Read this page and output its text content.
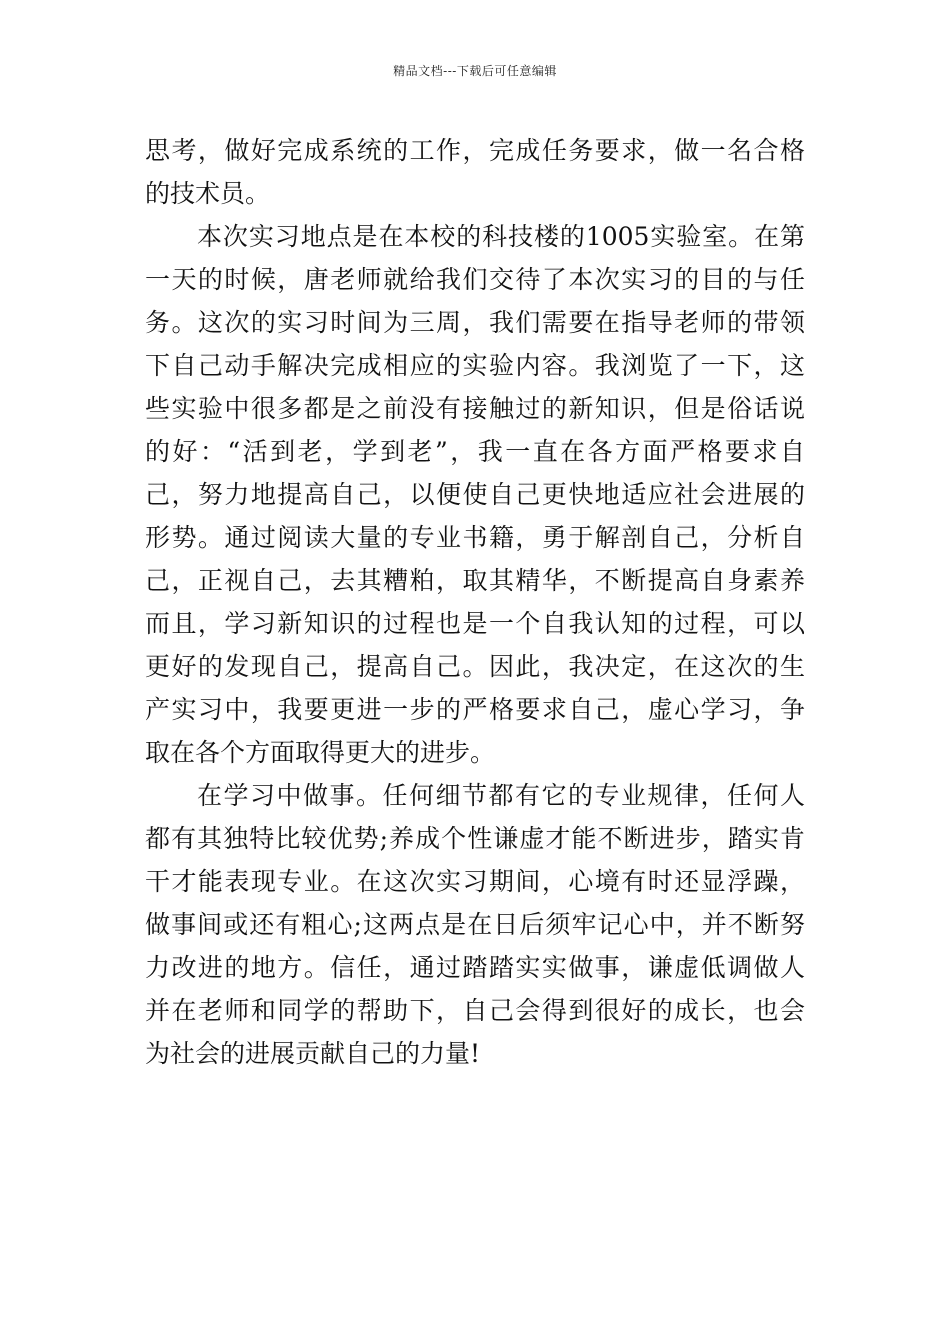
精品文档---下载后可任意编辑
思考，做好完成系统的工作，完成任务要求，做一名合格
的技术员。
本次实习地点是在本校的科技楼的1005实验室。在第
一天的时候，唐老师就给我们交待了本次实习的目的与任
务。这次的实习时间为三周，我们需要在指导老师的带领
下自己动手解决完成相应的实验内容。我浏览了一下，这
些实验中很多都是之前没有接触过的新知识，但是俗话说
的好：“活到老，学到老”，我一直在各方面严格要求自
己，努力地提高自己，以便使自己更快地适应社会进展的
形势。通过阅读大量的专业书籍，勇于解剖自己，分析自
己，正视自己，去其糟粕，取其精华，不断提高自身素养
而且，学习新知识的过程也是一个自我认知的过程，可以
更好的发现自己，提高自己。因此，我决定，在这次的生
产实习中，我要更进一步的严格要求自己，虚心学习，争
取在各个方面取得更大的进步。
在学习中做事。任何细节都有它的专业规律，任何人
都有其独特比较优势;养成个性谦虚才能不断进步，踏实肯
干才能表现专业。在这次实习期间，心境有时还显浮躁，
做事间或还有粗心;这两点是在日后须牢记心中，并不断努
力改进的地方。信任，通过踏踏实实做事，谦虚低调做人
并在老师和同学的帮助下，自己会得到很好的成长，也会
为社会的进展贡献自己的力量!
